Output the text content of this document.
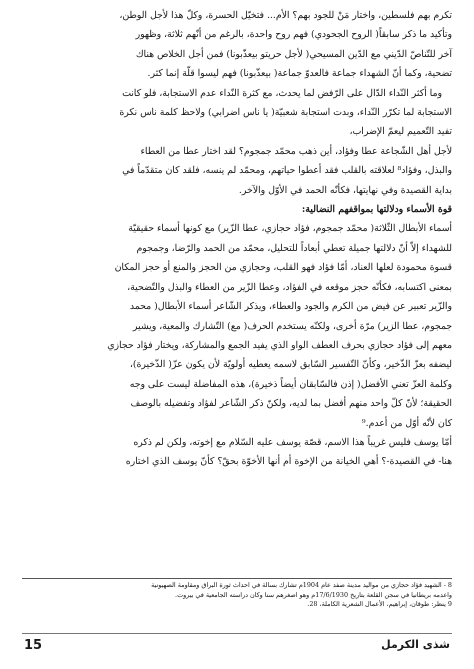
تكرم بهم فلسطين، واختار مَنْ للجود بهم؟ الأم... فتخيّل الحسرة، وكلّ هذا لأجل الوطن،

وتأكيد ما ذكر سابقاً( الروح الجحودي) فهم روح واحدة، بالرغم من أنّهم ثلاثة، وظهور

آخر للتّناصّ الدّيني مع الدّين المسيحي( لأجل حريتو بيعذّبونا) فمن أجل الخلاص هناك

تضحية، وكما أنّ الشهداء جماعة فالعدوّ جماعة( بيعذّبونا) فهم ليسوا قلّة إنما كثر.

وما أكثر النّداء الدّال على الرّفض لما يحدث، مع كثرة النّداء عدم الاستجابة، فلو كانت

الاستجابة لما تكرّر النّداء، وبدت استجابة شعبيّة( يا ناس اضرابي) ولاحظ كلمة ناس نكرة

تفيد التّعميم ليعمّ الإضراب،

لأجل أهل الشّجاعة عطا وفؤاد، أين ذهب محمّد جمجوم؟ لقد اختار عطا من العطاء

والبذل، وفؤاد⁸ لعلاقته بالقلب فقد أعطوا حياتهم، ومحمّد لم ينسه، فلقد كان متقدّماً في

بداية القصيدة وفي نهايتها، فكأنّه الحمد في الأوّل والآخر.

قوة الأسماء ودلالتها بمواقفهم النضالية:

أسماء الأبطال الثّلاثة( محمّد جمجوم، فؤاد حجازي، عطا الزّير) مع كونها أسماء حقيقيّة

للشهداء إلاّ أنّ دلالتها جميلة تعطي أبعاداً للتحليل، محمّد من الحمد والرّضا، وجمجوم

قسوة محمودة لعلها العناد، أمّا فؤاد فهو القلب، وحجازي من الحجز والمنع أو حجز المكان

بمعنى اكتسابه، فكأنّه حجز موقعه في الفؤاد، وعطا الزّير من العطاء والبذل والتّضحية،

والزّير تعبير عن فيض من الكرم والجود والعطاء، ويذكر الشّاعر أسماء الأبطال( محمد

جمجوم، عطا الزير) مرّة أخرى، ولكنّه يستخدم الحرف( مع) التّشارك والمعية، ويشير

معهم إلى فؤاد حجازي بحرف العطف الواو الذي يفيد الجمع والمشاركة، ويختار فؤاد حجازي

ليضفه بعزّ الذّخير، وكأنّ التّفسير السّابق لاسمه يعطيه أولويّة لأن يكون عزّ( الذّخيرة)،

وكلمة العزّ تعني الأفضل( إذن فالسّابقان أيضاً ذخيرة)، هذه المفاضلة ليست على وجه

الحقيقة؛ لأنّ كلّ واحد منهم أفضل بما لديه، ولكنّ ذكر الشّاعر لفؤاد وتفضيله بالوصف

كان لأنّه أوّل من أعدم.⁹

أمّا يوسف فليس غريباً هذا الاسم، قصّة يوسف عليه السّلام مع إخوته، ولكن لم ذكره

هنا- في القصيدة-؟ أهي الخيانة من الإخوة أم أنها الأخوّة بحقّ؟ كأنّ يوسف الذي اختاره

8 - الشهيد فؤاد حجازي من مواليد مدينة صفد عام 1904م تشارك بسالة في احداث ثورة البراق ومقاومة الصهيونية
واعدمه بريطانيا في سجن القلعة بتاريخ 17/6/1930م وهو اصغرهم سنا وكان دراسته الجامعية في بيروت.
9 ينظر: طوقان، إبراهيم، الأعمال الشعرية الكاملة، 28.
شذى الكرمل
15
